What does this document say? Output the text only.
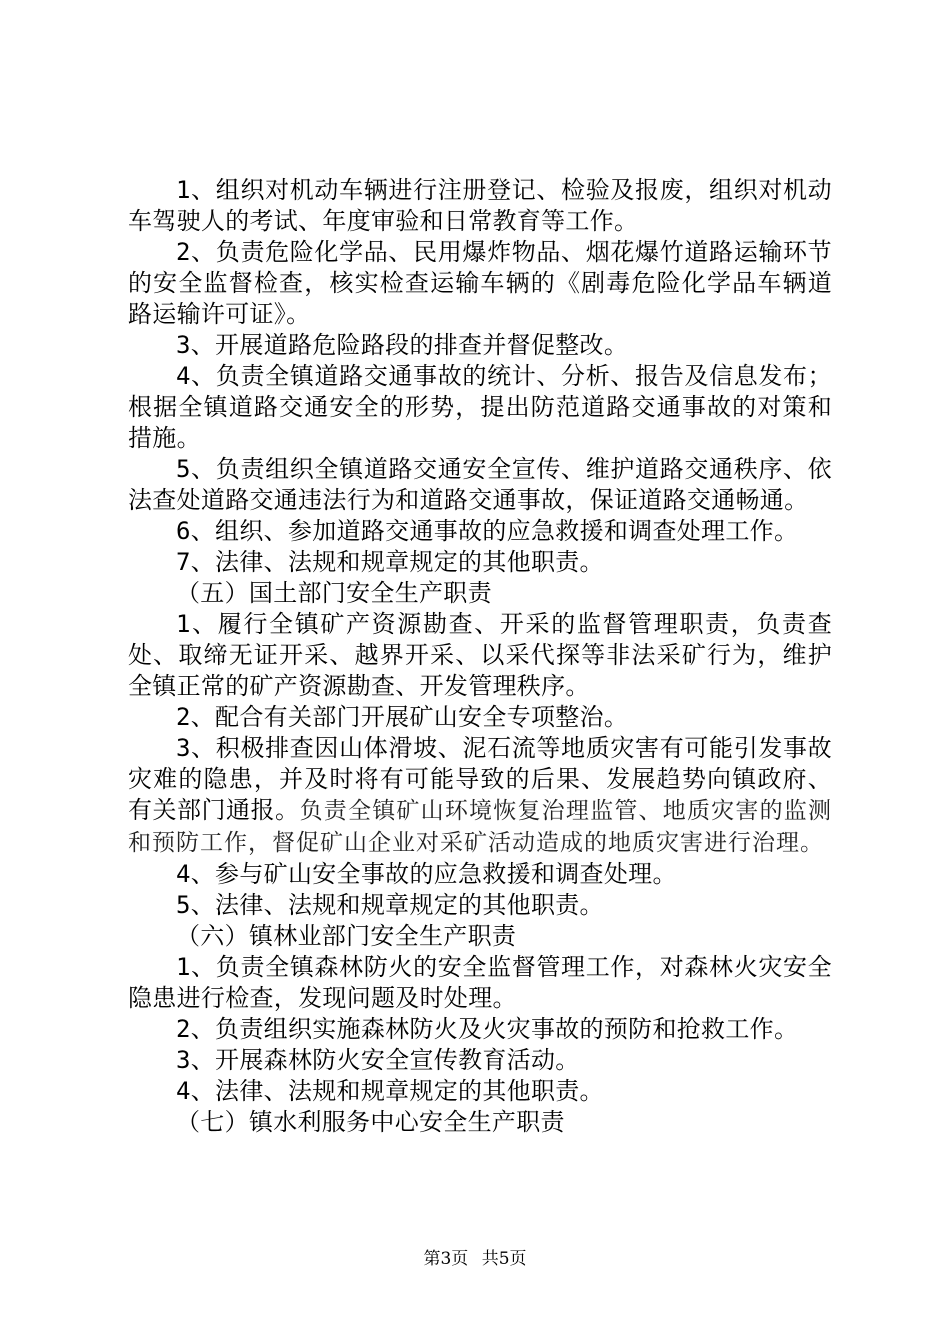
1、组织对机动车辆进行注册登记、检验及报废，组织对机动车驾驶人的考试、年度审验和日常教育等工作。

2、负责危险化学品、民用爆炸物品、烟花爆竹道路运输环节的安全监督检查，核实检查运输车辆的《剧毒危险化学品车辆道路运输许可证》。

3、开展道路危险路段的排查并督促整改。

4、负责全镇道路交通事故的统计、分析、报告及信息发布；根据全镇道路交通安全的形势，提出防范道路交通事故的对策和措施。

5、负责组织全镇道路交通安全宣传、维护道路交通秩序、依法查处道路交通违法行为和道路交通事故，保证道路交通畅通。

6、组织、参加道路交通事故的应急救援和调查处理工作。

7、法律、法规和规章规定的其他职责。

（五）国土部门安全生产职责

1、履行全镇矿产资源勘查、开采的监督管理职责，负责查处、取缔无证开采、越界开采、以采代探等非法采矿行为，维护全镇正常的矿产资源勘查、开发管理秩序。

2、配合有关部门开展矿山安全专项整治。

3、积极排查因山体滑坡、泥石流等地质灾害有可能引发事故灾难的隐患，并及时将有可能导致的后果、发展趋势向镇政府、有关部门通报。负责全镇矿山环境恢复治理监管、地质灾害的监测和预防工作，督促矿山企业对采矿活动造成的地质灾害进行治理。

4、参与矿山安全事故的应急救援和调查处理。

5、法律、法规和规章规定的其他职责。

（六）镇林业部门安全生产职责

1、负责全镇森林防火的安全监督管理工作，对森林火灾安全隐患进行检查，发现问题及时处理。

2、负责组织实施森林防火及火灾事故的预防和抢救工作。

3、开展森林防火安全宣传教育活动。

4、法律、法规和规章规定的其他职责。

（七）镇水利服务中心安全生产职责

第3页 共5页
